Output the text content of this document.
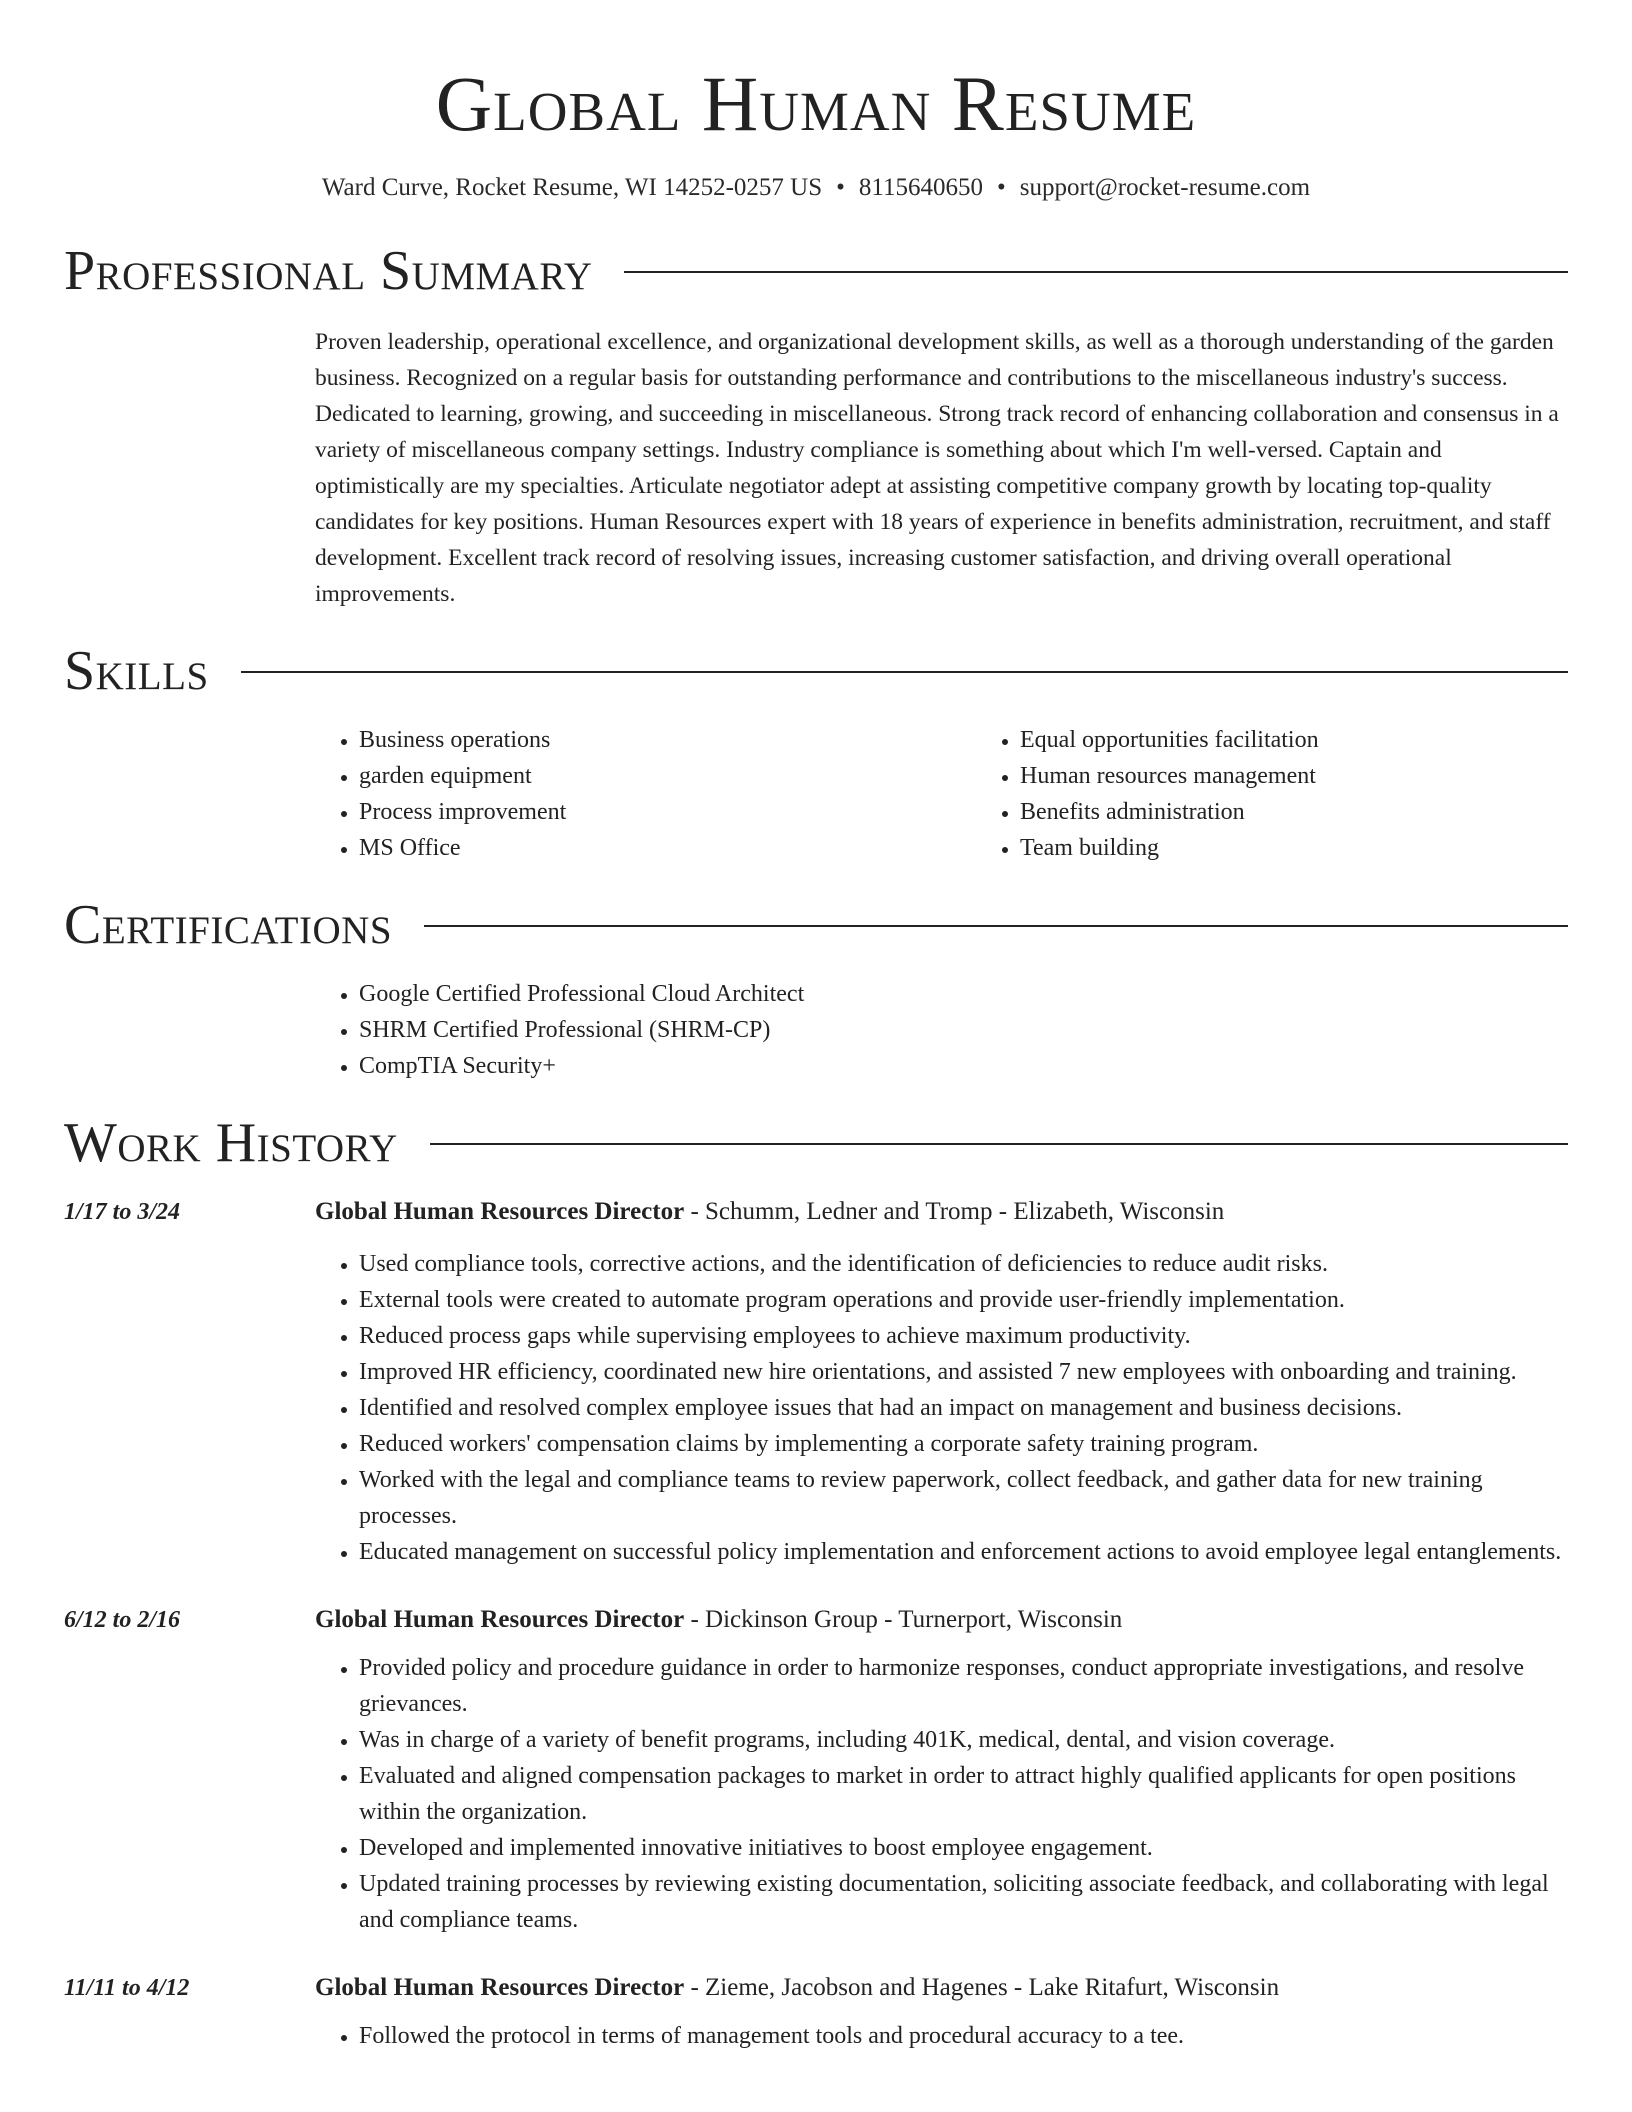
Global Human Resume
Ward Curve, Rocket Resume, WI 14252-0257 US • 8115640650 • support@rocket-resume.com
Professional Summary

Proven leadership, operational excellence, and organizational development skills, as well as a thorough understanding of the garden business. Recognized on a regular basis for outstanding performance and contributions to the miscellaneous industry's success. Dedicated to learning, growing, and succeeding in miscellaneous. Strong track record of enhancing collaboration and consensus in a variety of miscellaneous company settings. Industry compliance is something about which I'm well-versed. Captain and optimistically are my specialties. Articulate negotiator adept at assisting competitive company growth by locating top-quality candidates for key positions. Human Resources expert with 18 years of experience in benefits administration, recruitment, and staff development. Excellent track record of resolving issues, increasing customer satisfaction, and driving overall operational improvements.

Skills
• Business operations
• garden equipment
• Process improvement
• MS Office
• Equal opportunities facilitation
• Human resources management
• Benefits administration
• Team building
Certifications
• Google Certified Professional Cloud Architect
• SHRM Certified Professional (SHRM-CP)
• CompTIA Security+
Work History
1/17 to 3/24	Global Human Resources Director - Schumm, Ledner and Tromp - Elizabeth, Wisconsin
• Used compliance tools, corrective actions, and the identification of deficiencies to reduce audit risks.
• External tools were created to automate program operations and provide user-friendly implementation.
• Reduced process gaps while supervising employees to achieve maximum productivity.
• Improved HR efficiency, coordinated new hire orientations, and assisted 7 new employees with onboarding and training.
• Identified and resolved complex employee issues that had an impact on management and business decisions.
• Reduced workers' compensation claims by implementing a corporate safety training program.
• Worked with the legal and compliance teams to review paperwork, collect feedback, and gather data for new training processes.
• Educated management on successful policy implementation and enforcement actions to avoid employee legal entanglements.
6/12 to 2/16	Global Human Resources Director - Dickinson Group - Turnerport, Wisconsin
• Provided policy and procedure guidance in order to harmonize responses, conduct appropriate investigations, and resolve grievances.
• Was in charge of a variety of benefit programs, including 401K, medical, dental, and vision coverage.
• Evaluated and aligned compensation packages to market in order to attract highly qualified applicants for open positions within the organization.
• Developed and implemented innovative initiatives to boost employee engagement.
• Updated training processes by reviewing existing documentation, soliciting associate feedback, and collaborating with legal and compliance teams.
11/11 to 4/12	Global Human Resources Director - Zieme, Jacobson and Hagenes - Lake Ritafurt, Wisconsin
• Followed the protocol in terms of management tools and procedural accuracy to a tee.
